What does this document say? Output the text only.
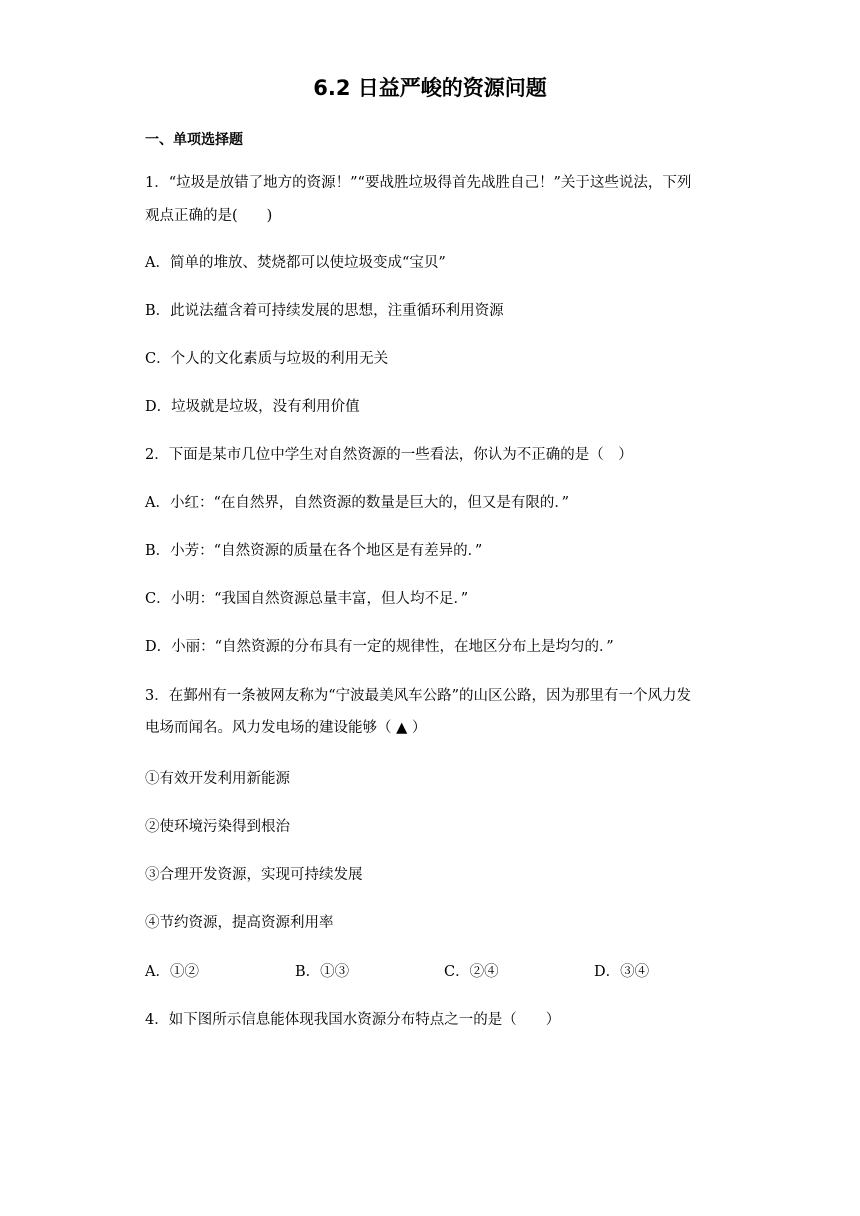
6.2 日益严峻的资源问题
一、单项选择题
1．“垃圾是放错了地方的资源！”“要战胜垃圾得首先战胜自己！”关于这些说法，下列
观点正确的是(　　)
A．简单的堆放、焚烧都可以使垃圾变成“宝贝”
B．此说法蕴含着可持续发展的思想，注重循环利用资源
C．个人的文化素质与垃圾的利用无关
D．垃圾就是垃圾，没有利用价值
2．下面是某市几位中学生对自然资源的一些看法，你认为不正确的是（　）
A．小红：“在自然界，自然资源的数量是巨大的，但又是有限的．”
B．小芳：“自然资源的质量在各个地区是有差异的．”
C．小明：“我国自然资源总量丰富，但人均不足．”
D．小丽：“自然资源的分布具有一定的规律性，在地区分布上是均匀的．”
3．在鄞州有一条被网友称为“宁波最美风车公路”的山区公路，因为那里有一个风力发
电场而闻名。风力发电场的建设能够（ ▲ ）
①有效开发利用新能源
②使环境污染得到根治
③合理开发资源，实现可持续发展
④节约资源，提高资源利用率
A．①②	B．①③	C．②④	D．③④
4．如下图所示信息能体现我国水资源分布特点之一的是（　　）
